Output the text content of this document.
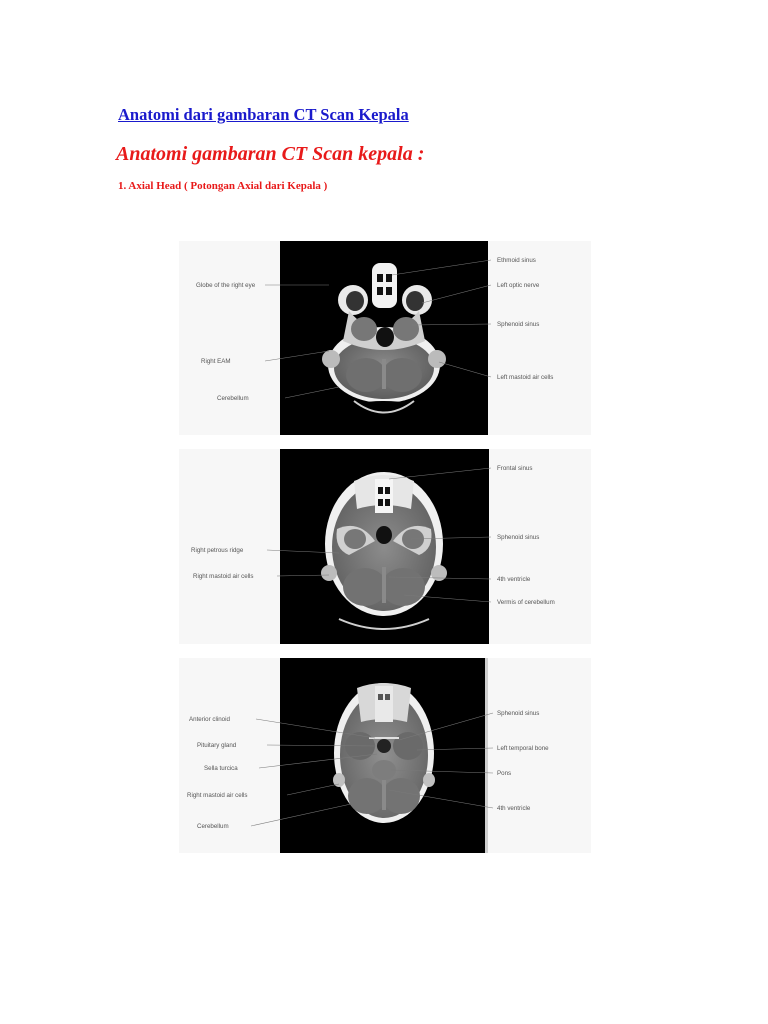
Anatomi dari gambaran CT Scan Kepala
Anatomi gambaran CT Scan kepala :
1. Axial Head ( Potongan Axial dari Kepala )
Globe of the right eye
Right EAM
Cerebellum
Ethmoid sinus
Left optic nerve
Sphenoid sinus
Left mastoid air cells
Right petrous ridge
Right mastoid air cells
Frontal sinus
Sphenoid sinus
4th ventricle
Vermis of cerebellum
Anterior clinoid
Pituitary gland
Sella turcica
Right mastoid air cells
Cerebellum
Sphenoid sinus
Left temporal bone
Pons
4th ventricle
